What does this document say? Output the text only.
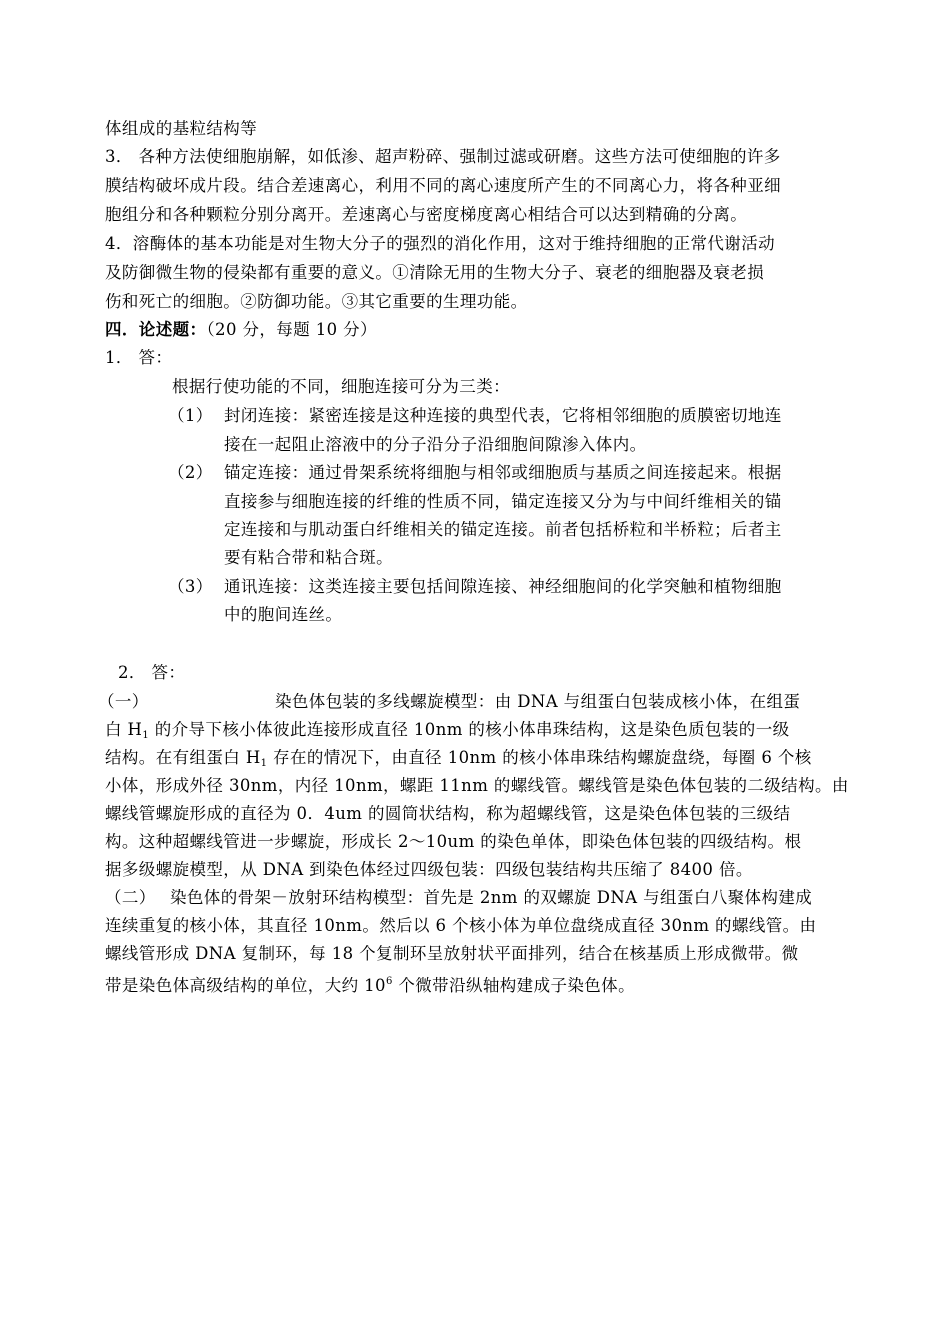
体组成的基粒结构等
3． 各种方法使细胞崩解，如低渗、超声粉碎、强制过滤或研磨。这些方法可使细胞的许多
膜结构破坏成片段。结合差速离心，利用不同的离心速度所产生的不同离心力，将各种亚细
胞组分和各种颗粒分别分离开。差速离心与密度梯度离心相结合可以达到精确的分离。
4．溶酶体的基本功能是对生物大分子的强烈的消化作用，这对于维持细胞的正常代谢活动
及防御微生物的侵染都有重要的意义。①清除无用的生物大分子、衰老的细胞器及衰老损
伤和死亡的细胞。②防御功能。③其它重要的生理功能。
四．论述题：（20 分，每题 10 分）
1． 答：
根据行使功能的不同，细胞连接可分为三类：
（1） 封闭连接：紧密连接是这种连接的典型代表，它将相邻细胞的质膜密切地连
接在一起阻止溶液中的分子沿分子沿细胞间隙渗入体内。
（2） 锚定连接：通过骨架系统将细胞与相邻或细胞质与基质之间连接起来。根据
直接参与细胞连接的纤维的性质不同，锚定连接又分为与中间纤维相关的锚
定连接和与肌动蛋白纤维相关的锚定连接。前者包括桥粒和半桥粒；后者主
要有粘合带和粘合斑。
（3） 通讯连接：这类连接主要包括间隙连接、神经细胞间的化学突触和植物细胞
中的胞间连丝。
2． 答：
（一）	染色体包装的多线螺旋模型：由 DNA 与组蛋白包装成核小体，在组蛋
白 $H_1$ 的介导下核小体彼此连接形成直径 10nm 的核小体串珠结构，这是染色质包装的一级
结构。在有组蛋白 $H_1$ 存在的情况下，由直径 10nm 的核小体串珠结构螺旋盘绕，每圈 6 个核
小体，形成外径 30nm，内径 10nm，螺距 11nm 的螺线管。螺线管是染色体包装的二级结构。由
螺线管螺旋形成的直径为 0．4um 的圆筒状结构，称为超螺线管，这是染色体包装的三级结
构。这种超螺线管进一步螺旋，形成长 2～10um 的染色单体，即染色体包装的四级结构。根
据多级螺旋模型，从 DNA 到染色体经过四级包装：四级包装结构共压缩了 8400 倍。
（二） 染色体的骨架－放射环结构模型：首先是 2nm 的双螺旋 DNA 与组蛋白八聚体构建成
连续重复的核小体，其直径 10nm。然后以 6 个核小体为单位盘绕成直径 30nm 的螺线管。由
螺线管形成 DNA 复制环，每 18 个复制环呈放射状平面排列，结合在核基质上形成微带。微
带是染色体高级结构的单位，大约 $10^6$ 个微带沿纵轴构建成子染色体。
